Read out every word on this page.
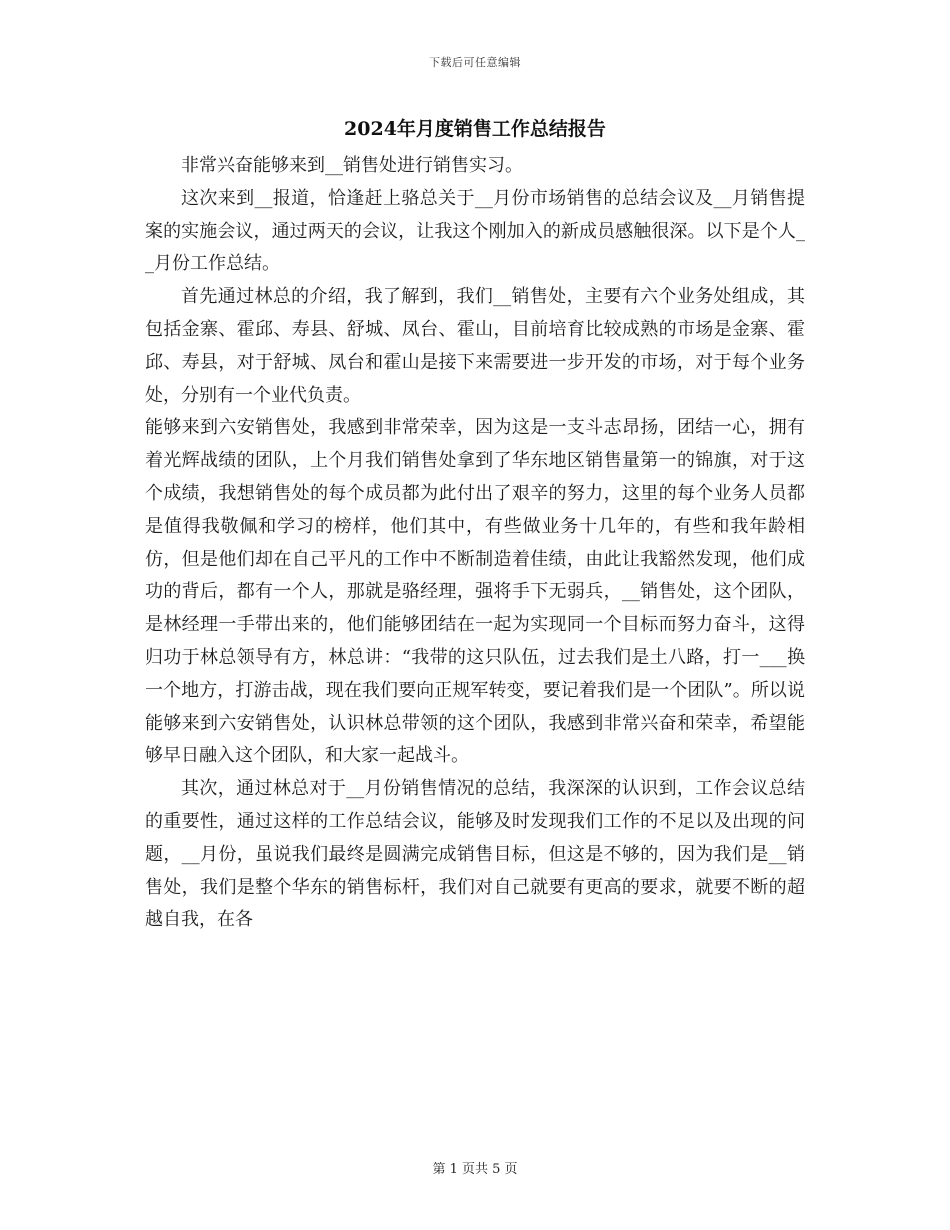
下载后可任意编辑
2024年月度销售工作总结报告

非常兴奋能够来到__销售处进行销售实习。

这次来到__报道，恰逢赶上骆总关于__月份市场销售的总结会议及__月销售提案的实施会议，通过两天的会议，让我这个刚加入的新成员感触很深。以下是个人__月份工作总结。

首先通过林总的介绍，我了解到，我们__销售处，主要有六个业务处组成，其包括金寨、霍邱、寿县、舒城、凤台、霍山，目前培育比较成熟的市场是金寨、霍邱、寿县，对于舒城、凤台和霍山是接下来需要进一步开发的市场，对于每个业务处，分别有一个业代负责。

能够来到六安销售处，我感到非常荣幸，因为这是一支斗志昂扬，团结一心，拥有着光辉战绩的团队，上个月我们销售处拿到了华东地区销售量第一的锦旗，对于这个成绩，我想销售处的每个成员都为此付出了艰辛的努力，这里的每个业务人员都是值得我敬佩和学习的榜样，他们其中，有些做业务十几年的，有些和我年龄相仿，但是他们却在自己平凡的工作中不断制造着佳绩，由此让我豁然发现，他们成功的背后，都有一个人，那就是骆经理，强将手下无弱兵，__销售处，这个团队，是林经理一手带出来的，他们能够团结在一起为实现同一个目标而努力奋斗，这得归功于林总领导有方，林总讲：“我带的这只队伍，过去我们是土八路，打一___换一个地方，打游击战，现在我们要向正规军转变，要记着我们是一个团队”。所以说能够来到六安销售处，认识林总带领的这个团队，我感到非常兴奋和荣幸，希望能够早日融入这个团队，和大家一起战斗。

其次，通过林总对于__月份销售情况的总结，我深深的认识到，工作会议总结的重要性，通过这样的工作总结会议，能够及时发现我们工作的不足以及出现的问题，__月份，虽说我们最终是圆满完成销售目标，但这是不够的，因为我们是__销售处，我们是整个华东的销售标杆，我们对自己就要有更高的要求，就要不断的超越自我，在各

第 1 页共 5 页
